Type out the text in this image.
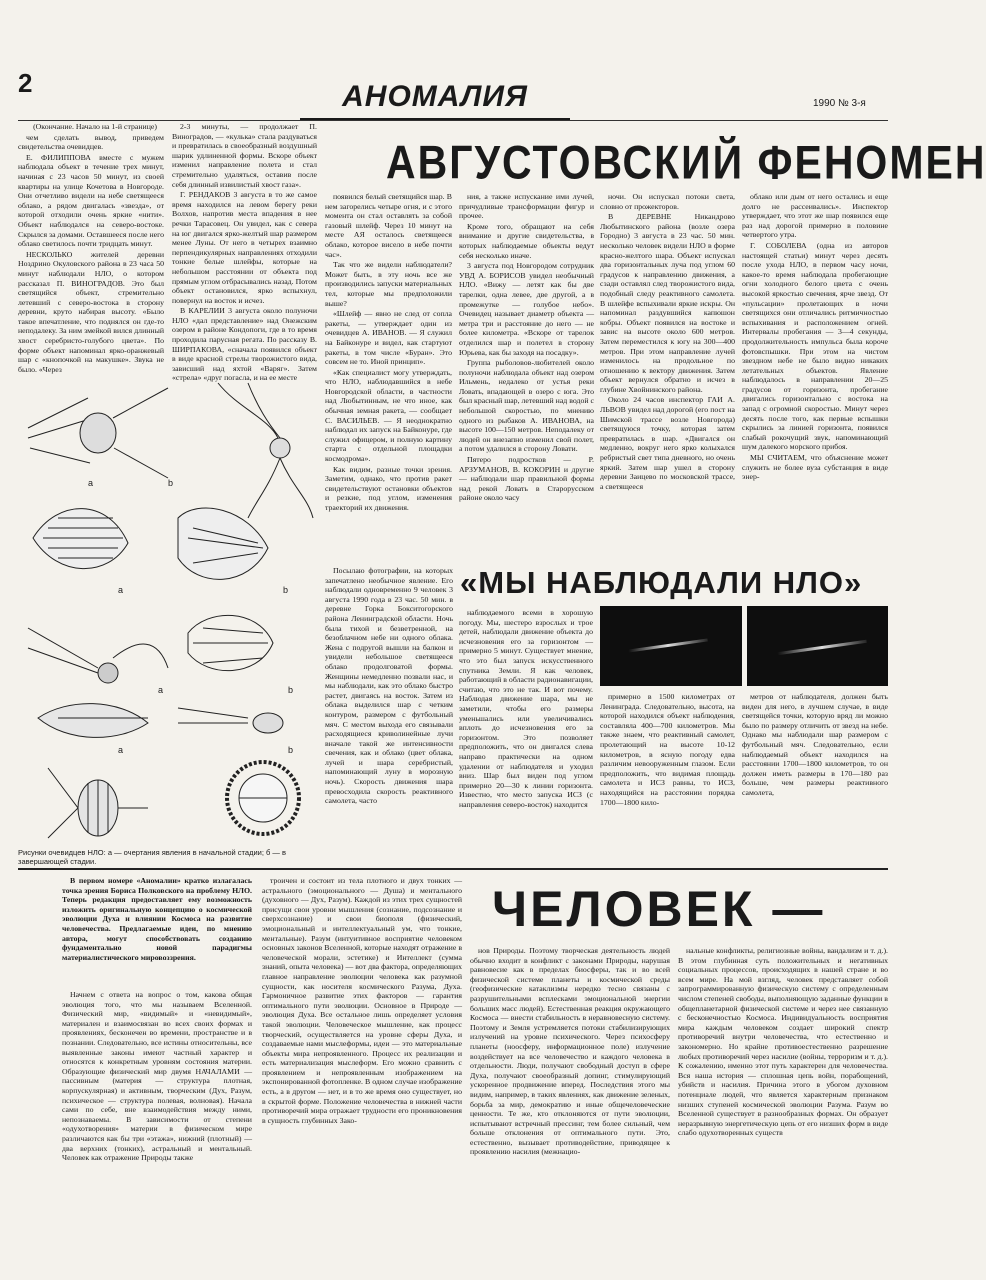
2	АНОМАЛИЯ	1990 № 3-я
АВГУСТОВСКИЙ ФЕНОМЕН

(Окончание. Начало на 1-й странице)

чем сделать вывод, приведем свидетельства очевидцев.

Е. ФИЛИППОВА вместе с мужем наблюдала объект в течение трех минут, начиная с 23 часов 50 минут, из своей квартиры на улице Кочетова в Новгороде. Они отчетливо видели на небе светящееся облако, а рядом двигалась «звезда», от которой отходили очень яркие «нити». Объект наблюдался на северо-востоке. Скрылся за домами. Оставшееся после него облако светилось почти тридцать минут.

НЕСКОЛЬКО жителей деревни Ноздрино Окуловского района в 23 часа 50 минут наблюдали НЛО, о котором рассказал П. ВИНОГРАДОВ. Это был светящийся объект, стремительно летевший с северо-востока в сторону деревни, круто набирая высоту. «Было такое впечатление, что поднялся он где-то неподалеку. За ним змейкой вился длинный хвост серебристо-голубого цвета». По форме объект напоминал ярко-оранжевый шар с «кнопочкой на макушке». Звука не было. «Через

2-3 минуты, — продолжает П. Виноградов, — «кулька» стала раздуваться и превратилась в своеобразный воздушный шарик удлиненной формы. Вскоре объект изменил направление полета и стал стремительно удаляться, оставив после себя длинный извилистый хвост газа».

Г. РЕНДАКОВ 3 августа в то же самое время находился на левом берегу реки Волхов, напротив места впадения в нее речки Тарасовец. Он увидел, как с севера на юг двигался ярко-желтый шар размером менее Луны. От него в четырех взаимно перпендикулярных направлениях отходили тонкие белые шлейфы, которые на небольшом расстоянии от объекта под прямым углом отбрасывались назад. Потом объект остановился, ярко вспыхнул, повернул на восток и исчез.

В КАРЕЛИИ 3 августа около полуночи НЛО «дал представление» над Онежским озером в районе Кондопоги, где в то время проходила парусная регата. По рассказу В. ШИРПАКОВА, «сначала появился объект в виде красной стрелы творожистого вида, зависший над яхтой «Варяг». Затем «стрела» «друг погасла, и на ее месте

появился белый светящийся шар. В нем загорелись четыре огня, и с этого момента он стал оставлять за собой газовый шлейф. Через 10 минут на месте АЯ осталось светящееся облако, которое висело в небе почти час».

Так что же видели наблюдатели? Может быть, в эту ночь все же производились запуски материальных тел, которые мы предположили выше?

«Шлейф — явно не след от сопла ракеты, — утверждает один из очевидцев А. ИВАНОВ. — Я служил на Байконуре и видел, как стартуют ракеты, в том числе «Буран». Это совсем не то. Иной принцип».

«Как специалист могу утверждать, что НЛО, наблюдавшийся в небе Новгородской области, в частности над Любытинным, не что иное, как обычная земная ракета, — сообщает С. ВАСИЛЬЕВ. — Я неоднократно наблюдал их запуск на Байконуре, где служил офицером, и полную картину старта с отдельной площадки космодрома».

Как видим, разные точки зрения. Заметим, однако, что против ракет свидетельствуют остановки объектов и резкие, под углом, изменения траекторий их движения.

ния, а также испускание ими лучей, причудливые трансформации фигур и прочее.

Кроме того, обращают на себя внимание и другие свидетельства, в которых наблюдаемые объекты ведут себя несколько иначе.

3 августа под Новгородом сотрудник УВД А. БОРИСОВ увидел необычный НЛО. «Вижу — летят как бы две тарелки, одна левее, две другой, а в промежутке — голубое небо». Очевидец называет диаметр объекта — метра три и расстояние до него — не более километра. «Вскоре от тарелок отделился шар и полетел в сторону Юрьева, как бы заходя на посадку».

Группа рыболовов-любителей около полуночи наблюдала объект над озером Ильмень, недалеко от устья реки Ловать, впадающей в озеро с юга. Это был красный шар, летевший над водой с небольшой скоростью, по мнению одного из рыбаков А. ИВАНОВА, на высоте 100—150 метров. Неподалеку от людей он внезапно изменил свой полет, а потом удалился в сторону Ловати.

Пятеро подростков — Р. АРЗУМАНОВ, В. КОКОРИН и другие — наблюдали шар правильной формы над рекой Ловать в Старорусском районе около часу

ночи. Он испускал потоки света, словно от прожекторов.

В ДЕРЕВНЕ Никандрово Любытинского района (возле озера Городно) 3 августа в 23 час. 50 мин. несколько человек видели НЛО в форме красно-желтого шара. Объект испускал два горизонтальных луча под углом 60 градусов к направлению движения, а сзади оставлял след творожистого вида, подобный следу реактивного самолета. В шлейфе вспыхивали яркие искры. Он напоминал раздувшийся капюшон кобры. Объект появился на востоке и завис на высоте около 600 метров. Затем переместился к югу на 300—400 метров. При этом направление лучей изменилось на продольное по отношению к вектору движения. Затем объект вернулся обратно и исчез в глубине Хвойнинского района.

Около 24 часов инспектор ГАИ А. ЛЬВОВ увидел над дорогой (его пост на Шимской трассе возле Новгорода) светящуюся точку, которая затем превратилась в шар. «Двигался он медленно, вокруг него ярко колыхался ребристый свет типа дневного, но очень яркий. Затем шар ушел в сторону деревни Заицево по московской трассе, а светящееся

облако или дым от него остались и еще долго не рассеивались». Инспектор утверждает, что этот же шар появился еще раз над дорогой примерно в половине четвертого утра.

Г. СОБОЛЕВА (одна из авторов настоящей статьи) минут через десять после ухода НЛО, в первом часу ночи, какое-то время наблюдала пробегающие огни холодного белого цвета с очень высокой яркостью свечения, ярче звезд. От «пульсации» пролетающих в ночи светящихся они отличались ритмичностью вспыхивания и расположением огней. Интервалы пробегания — 3—4 секунды, продолжительность импульса была короче фотовспышки. При этом на чистом звездном небе не было видно никаких летательных объектов. Явление наблюдалось в направлении 20—25 градусов от горизонта, пробегание двигались горизонтально с востока на запад с огромной скоростью. Минут через десять после того, как первые вспышки скрылись за линией горизонта, появился слабый рокочущий звук, напоминающий шум далекого морского прибоя.

МЫ СЧИТАЕМ, что объяснение может служить не более вуза субстанция в виде энер-

a	b
a	b
a	b
a	b
Рисунки очевидцев НЛО: а — очертания явления в начальной стадии; б — в завершающей стадии.
«МЫ НАБЛЮДАЛИ НЛО»

Посылаю фотографии, на которых запечатлено необычное явление. Его наблюдали одновременно 9 человек 3 августа 1990 года в 23 час. 50 мин. в деревне Горка Бокситогорского района Ленинградской области. Ночь была тихой и безветренной, на безоблачном небе ни одного облака. Жена с подругой вышли на балкон и увидели небольшое светящееся облако продолговатой формы. Женщины немедленно позвали нас, и мы наблюдали, как это облако быстро растет, двигаясь на восток. Затем из облака выделился шар с четким контуром, размером с футбольный мяч. С местом выхода его связывали расходящиеся криволинейные лучи вначале такой же интенсивности свечения, как и облако (цвет облака, лучей и шара серебристый, напоминающий луну в морозную ночь). Скорость движения шара превосходила скорость реактивного самолета, часто

наблюдаемого всеми в хорошую погоду. Мы, шестеро взрослых и трое детей, наблюдали движение объекта до исчезновения его за горизонтом — примерно 5 минут. Существует мнение, что это был запуск искусственного спутника Земли. Я как человек, работающий в области радионавигации, считаю, что это не так. И вот почему. Наблюдая движение шара, мы не заметили, чтобы его размеры уменьшались или увеличивались вплоть до исчезновения его за горизонтом. Это позволяет предположить, что он двигался слева направо практически на одном удалении от наблюдателя и уходил вниз. Шар был виден под углом примерно 20—30 к линии горизонта. Известно, что место запуска ИСЗ (с направления северо-восток) находится

примерно в 1500 километрах от Ленинграда. Следовательно, высота, на которой находился объект наблюдения, составляла 400—700 километров. Мы также знаем, что реактивный самолет, пролетающий на высоте 10-12 километров, в ясную погоду едва различим невооруженным глазом. Если предположить, что видимая площадь самолета и ИСЗ равны, то ИСЗ, находящийся на расстоянии порядка 1700—1800 кило-

метров от наблюдателя, должен быть виден для него, в лучшем случае, в виде светящейся точки, которую вряд ли можно было по размеру отличить от звезд на небе. Однако мы наблюдали шар размером с футбольный мяч. Следовательно, если наблюдаемый объект находился на расстоянии 1700—1800 километров, то он должен иметь размеры в 170—180 раз больше, чем размеры реактивного самолета,

ЧЕЛОВЕК —

В первом номере «Аномалии» кратко излагалась точка зрения Бориса Полковского на проблему НЛО. Теперь редакция предоставляет ему возможность изложить оригинальную концепцию о космической эволюции Духа и влиянии Космоса на развитие человечества. Предлагаемые идеи, по мнению автора, могут способствовать созданию фундаментально новой парадигмы материалистического мировоззрения.

Начнем с ответа на вопрос о том, какова общая эволюция того, что мы называем Вселенной. Физический мир, «видимый» и «невидимый», материален и взаимосвязан во всех своих формах и проявлениях, бесконечен во времени, пространстве и в познании. Следовательно, все истины относительны, все выявленные законы имеют частный характер и относятся к конкретным уровням состояния материи. Образующие физический мир двумя НАЧАЛАМИ — пассивным (материя — структура плотная, корпускулярная) и активным, творческим (Дух, Разум, психическое — структура полевая, волновая). Начала сами по себе, вне взаимодействия между ними, непознаваемы. В зависимости от степени «одухотворения» материи в физическом мире различаются как бы три «этажа», нижний (плотный) — два верхних (тонких), астральный и ментальный. Человек как отражение Природы также

троичен и состоит из тела плотного и двух тонких — астрального (эмоционального — Душа) и ментального (духовного — Дух, Разум). Каждой из этих трех сущностей присущи свои уровни мышления (сознание, подсознание и сверхсознание) и свои биополя (физический, эмоциональный и интеллектуальный ум, что тонкие, ментальные). Разум (интуитивное восприятие человеком основных законов Вселенной, которые находят отражение в человеческой морали, эстетике) и Интеллект (сумма знаний, опыта человека) — вот два фактора, определяющих главное направление эволюции человека как разумной сущности, как носителя космического Разума, Духа. Гармоничное развитие этих факторов — гарантия оптимального пути эволюции. Основное в Природе — эволюция Духа. Все остальное лишь определяет условия такой эволюции. Человеческое мышление, как процесс творческий, осуществляется на уровне сферы Духа, и создаваемые нами мыслеформы, идеи — это материальные объекты мира непроявленного. Процесс их реализации и есть материализация мыслеформ. Его можно сравнить с проявлением и непроявленным изображением на экспонированной фотопленке. В одном случае изображение есть, а в другом — нет, и в то же время оно существует, но в скрытой форме. Положение человечества в нижней части противоречий мира отражает трудности его проникновения в сущность глубинных Зако-

нов Природы. Поэтому творческая деятельность людей обычно входит в конфликт с законами Природы, нарушая равновесие как в пределах биосферы, так и во всей физической системе планеты и космической среды (геофизические катаклизмы нередко тесно связаны с разрушительными всплесками эмоциональной энергии больших масс людей). Естественная реакция окружающего Космоса — внести стабильность в неравновесную систему. Поэтому и Земля устремляется потоки стабилизирующих излучений на уровне психического. Через психосферу планеты (ноосферу, информационное поле) излучение воздействует на все человечество и каждого человека в отдельности. Люди, получают свободный доступ в сфере Духа, получают своеобразный допинг, стимулирующий ускоренное продвижение вперед. Последствия этого мы видим, например, в таких явлениях, как движение зеленых, борьба за мир, демократию и иные общечеловеческие ценности. Те же, кто отклоняются от пути эволюции, испытывают встречный прессинг, тем более сильный, чем больше отклонения от оптимального пути. Это, естественно, вызывает противодействие, приводящее к проявлению насилия (межнацио-

нальные конфликты, религиозные войны, вандализм и т. д.). В этом глубинная суть положительных и негативных социальных процессов, происходящих в нашей стране и во всем мире. На мой взгляд, человек представляет собой запрограммированную физическую систему с определенным числом степеней свободы, выполняющую заданные функции в общепланетарной физической системе и через нее связанную с бесконечностью Космоса. Индивидуальность восприятия мира каждым человеком создает широкий спектр противоречий внутри человечества, что естественно и закономерно. Но крайне противоестественно разрешение любых противоречий через насилие (войны, терроризм и т. д.). К сожалению, именно этот путь характерен для человечества. Вся наша история — сплошная цепь войн, порабощений, убийств и насилия. Причина этого в убогом духовном потенциале людей, что является характерным признаком низших ступеней космической эволюции Разума. Разум во Вселенной существует в разнообразных формах. Он образует неразрывную энергетическую цепь от его низших форм в виде слабо одухотворенных существ
